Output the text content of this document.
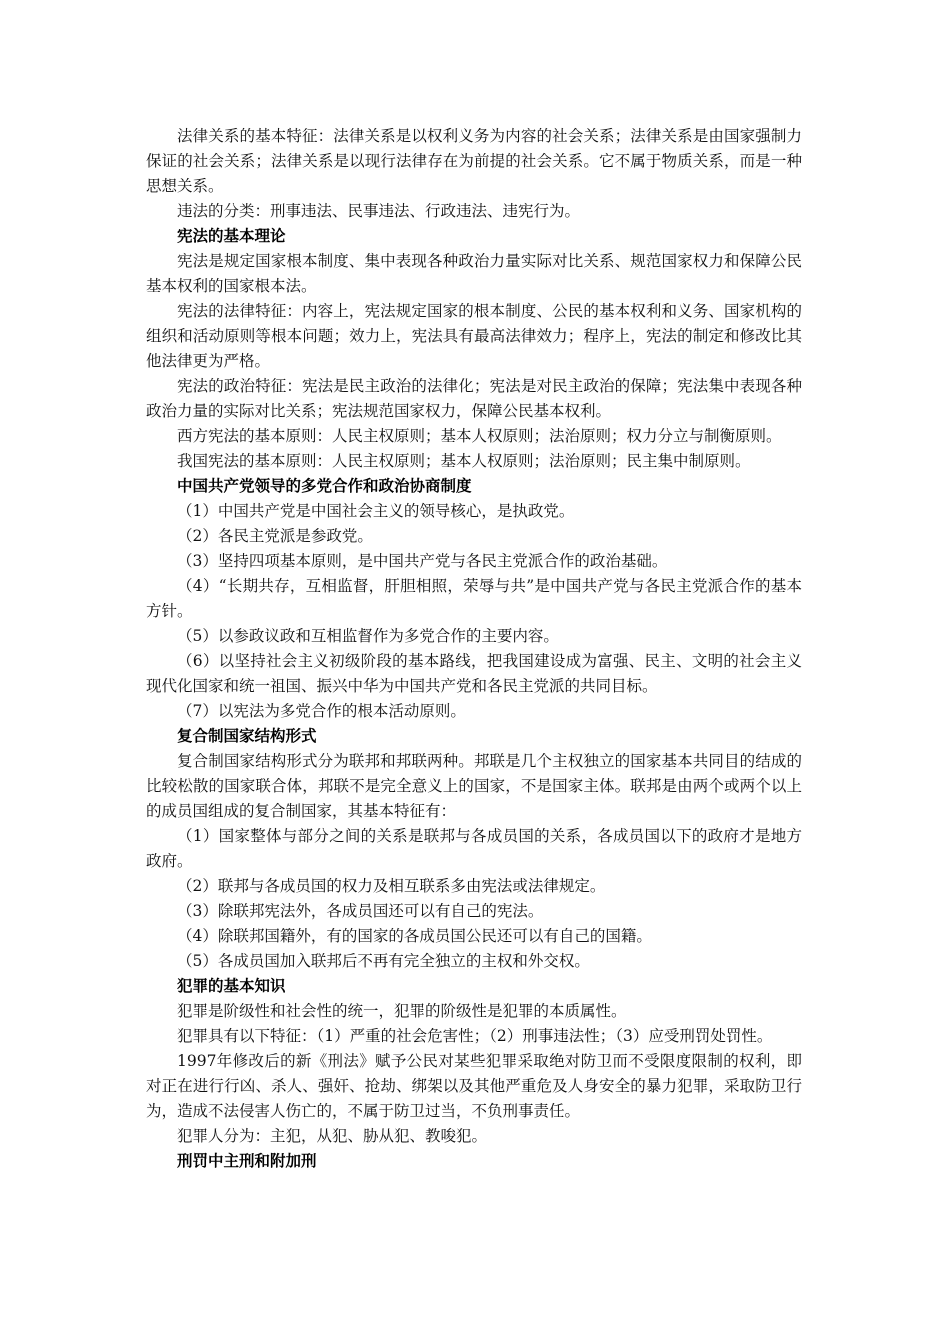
法律关系的基本特征：法律关系是以权利义务为内容的社会关系；法律关系是由国家强制力保证的社会关系；法律关系是以现行法律存在为前提的社会关系。它不属于物质关系，而是一种思想关系。

违法的分类：刑事违法、民事违法、行政违法、违宪行为。

宪法的基本理论

宪法是规定国家根本制度、集中表现各种政治力量实际对比关系、规范国家权力和保障公民基本权利的国家根本法。

宪法的法律特征：内容上，宪法规定国家的根本制度、公民的基本权利和义务、国家机构的组织和活动原则等根本问题；效力上，宪法具有最高法律效力；程序上，宪法的制定和修改比其他法律更为严格。

宪法的政治特征：宪法是民主政治的法律化；宪法是对民主政治的保障；宪法集中表现各种政治力量的实际对比关系；宪法规范国家权力，保障公民基本权利。

西方宪法的基本原则：人民主权原则；基本人权原则；法治原则；权力分立与制衡原则。

我国宪法的基本原则：人民主权原则；基本人权原则；法治原则；民主集中制原则。

中国共产党领导的多党合作和政治协商制度

（1）中国共产党是中国社会主义的领导核心，是执政党。

（2）各民主党派是参政党。

（3）坚持四项基本原则，是中国共产党与各民主党派合作的政治基础。

（4）“长期共存，互相监督，肝胆相照，荣辱与共”是中国共产党与各民主党派合作的基本方针。

（5）以参政议政和互相监督作为多党合作的主要内容。

（6）以坚持社会主义初级阶段的基本路线，把我国建设成为富强、民主、文明的社会主义现代化国家和统一祖国、振兴中华为中国共产党和各民主党派的共同目标。

（7）以宪法为多党合作的根本活动原则。

复合制国家结构形式

复合制国家结构形式分为联邦和邦联两种。邦联是几个主权独立的国家基本共同目的结成的比较松散的国家联合体，邦联不是完全意义上的国家，不是国家主体。联邦是由两个或两个以上的成员国组成的复合制国家，其基本特征有：

（1）国家整体与部分之间的关系是联邦与各成员国的关系，各成员国以下的政府才是地方政府。

（2）联邦与各成员国的权力及相互联系多由宪法或法律规定。

（3）除联邦宪法外，各成员国还可以有自己的宪法。

（4）除联邦国籍外，有的国家的各成员国公民还可以有自己的国籍。

（5）各成员国加入联邦后不再有完全独立的主权和外交权。

犯罪的基本知识

犯罪是阶级性和社会性的统一，犯罪的阶级性是犯罪的本质属性。

犯罪具有以下特征：（1）严重的社会危害性；（2）刑事违法性；（3）应受刑罚处罚性。

1997年修改后的新《刑法》赋予公民对某些犯罪采取绝对防卫而不受限度限制的权利，即对正在进行行凶、杀人、强奸、抢劫、绑架以及其他严重危及人身安全的暴力犯罪，采取防卫行为，造成不法侵害人伤亡的，不属于防卫过当，不负刑事责任。

犯罪人分为：主犯，从犯、胁从犯、教唆犯。

刑罚中主刑和附加刑
